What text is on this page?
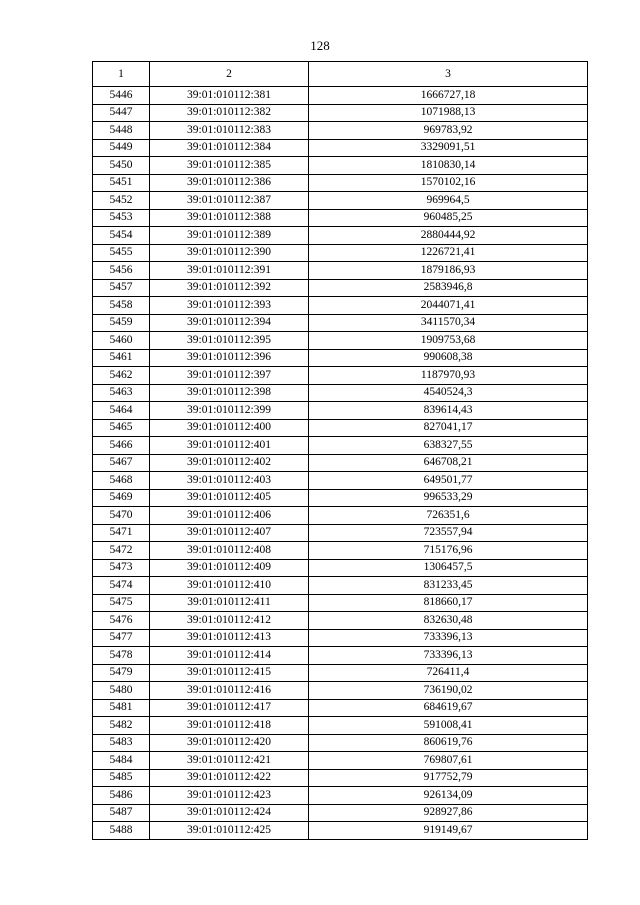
128
1	2	3
5446	39:01:010112:381	1666727,18
5447	39:01:010112:382	1071988,13
5448	39:01:010112:383	969783,92
5449	39:01:010112:384	3329091,51
5450	39:01:010112:385	1810830,14
5451	39:01:010112:386	1570102,16
5452	39:01:010112:387	969964,5
5453	39:01:010112:388	960485,25
5454	39:01:010112:389	2880444,92
5455	39:01:010112:390	1226721,41
5456	39:01:010112:391	1879186,93
5457	39:01:010112:392	2583946,8
5458	39:01:010112:393	2044071,41
5459	39:01:010112:394	3411570,34
5460	39:01:010112:395	1909753,68
5461	39:01:010112:396	990608,38
5462	39:01:010112:397	1187970,93
5463	39:01:010112:398	4540524,3
5464	39:01:010112:399	839614,43
5465	39:01:010112:400	827041,17
5466	39:01:010112:401	638327,55
5467	39:01:010112:402	646708,21
5468	39:01:010112:403	649501,77
5469	39:01:010112:405	996533,29
5470	39:01:010112:406	726351,6
5471	39:01:010112:407	723557,94
5472	39:01:010112:408	715176,96
5473	39:01:010112:409	1306457,5
5474	39:01:010112:410	831233,45
5475	39:01:010112:411	818660,17
5476	39:01:010112:412	832630,48
5477	39:01:010112:413	733396,13
5478	39:01:010112:414	733396,13
5479	39:01:010112:415	726411,4
5480	39:01:010112:416	736190,02
5481	39:01:010112:417	684619,67
5482	39:01:010112:418	591008,41
5483	39:01:010112:420	860619,76
5484	39:01:010112:421	769807,61
5485	39:01:010112:422	917752,79
5486	39:01:010112:423	926134,09
5487	39:01:010112:424	928927,86
5488	39:01:010112:425	919149,67
